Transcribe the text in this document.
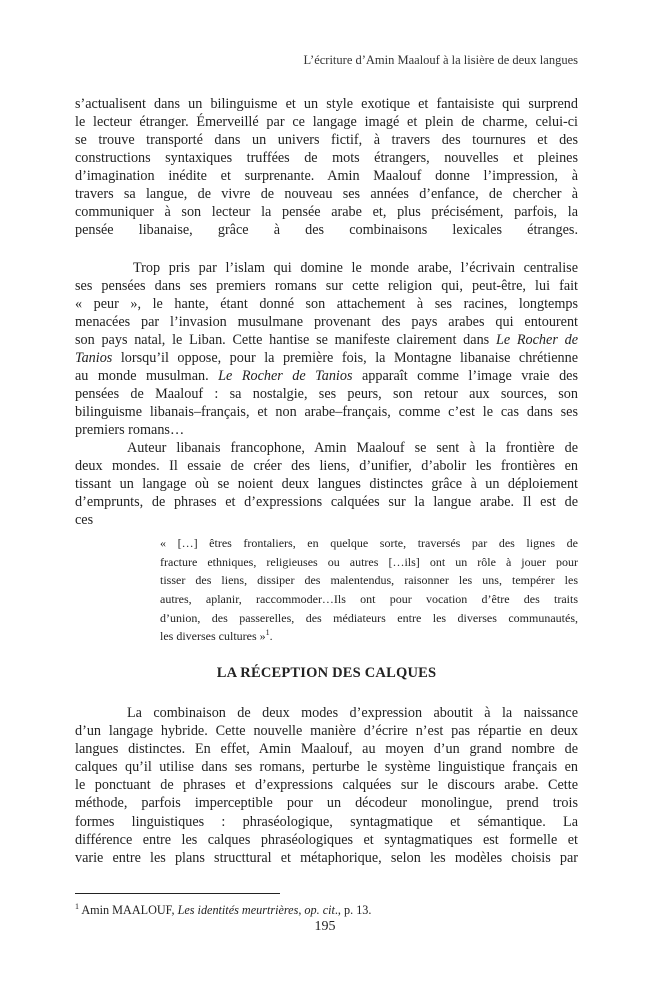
L’écriture d’Amin Maalouf à la lisière de deux langues
s’actualisent dans un bilinguisme et un style exotique et fantaisiste qui surprend
le lecteur étranger. Émerveillé par ce langage imagé et plein de charme, celui-ci
se trouve transporté dans un univers fictif, à travers des tournures et des
constructions syntaxiques truffées de mots étrangers, nouvelles et pleines
d’imagination inédite et surprenante. Amin Maalouf donne l’impression, à
travers sa langue, de vivre de nouveau ses années d’enfance, de chercher à
communiquer à son lecteur la pensée arabe et, plus précisément, parfois, la
pensée libanaise, grâce à des combinaisons lexicales étranges.
Trop pris par l’islam qui domine le monde arabe, l’écrivain centralise
ses pensées dans ses premiers romans sur cette religion qui, peut-être, lui fait
« peur », le hante, étant donné son attachement à ses racines, longtemps
menacées par l’invasion musulmane provenant des pays arabes qui entourent
son pays natal, le Liban. Cette hantise se manifeste clairement dans Le Rocher de
Tanios lorsqu’il oppose, pour la première fois, la Montagne libanaise chrétienne
au monde musulman. Le Rocher de Tanios apparaît comme l’image vraie des
pensées de Maalouf : sa nostalgie, ses peurs, son retour aux sources, son
bilinguisme libanais–français, et non arabe–français, comme c’est le cas dans ses
premiers romans…
Auteur libanais francophone, Amin Maalouf se sent à la frontière de
deux mondes. Il essaie de créer des liens, d’unifier, d’abolir les frontières en
tissant un langage où se noient deux langues distinctes grâce à un déploiement
d’emprunts, de phrases et d’expressions calquées sur la langue arabe. Il est de
ces
« […] êtres frontaliers, en quelque sorte, traversés par des lignes de
fracture ethniques, religieuses ou autres […ils] ont un rôle à jouer pour
tisser des liens, dissiper des malentendus, raisonner les uns, tempérer les
autres, aplanir, raccommoder…Ils ont pour vocation d’être des traits
d’union, des passerelles, des médiateurs entre les diverses communautés,
les diverses cultures »$^1$.
LA RÉCEPTION DES CALQUES
La combinaison de deux modes d’expression aboutit à la naissance
d’un langage hybride. Cette nouvelle manière d’écrire n’est pas répartie en deux
langues distinctes. En effet, Amin Maalouf, au moyen d’un grand nombre de
calques qu’il utilise dans ses romans, perturbe le système linguistique français en
le ponctuant de phrases et d’expressions calquées sur le discours arabe. Cette
méthode, parfois imperceptible pour un décodeur monolingue, prend trois
formes linguistiques : phraséologique, syntagmatique et sémantique. La
différence entre les calques phraséologiques et syntagmatiques est formelle et
varie entre les plans structtural et métaphorique, selon les modèles choisis par
$^1$ Amin MAALOUF, Les identités meurtrières, op. cit., p. 13.
195
